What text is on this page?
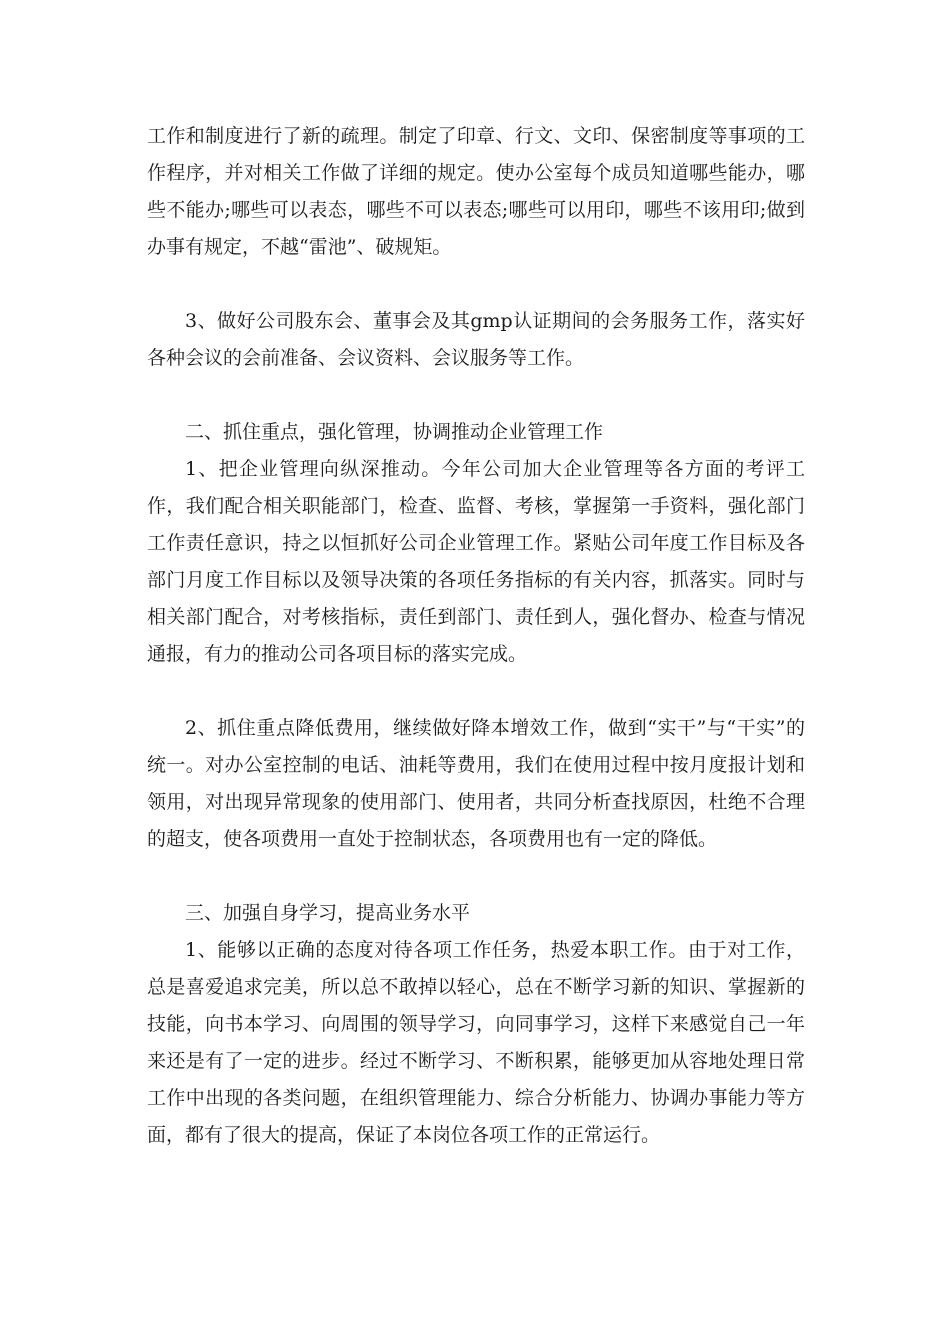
工作和制度进行了新的疏理。制定了印章、行文、文印、保密制度等事项的工作程序，并对相关工作做了详细的规定。使办公室每个成员知道哪些能办，哪些不能办;哪些可以表态，哪些不可以表态;哪些可以用印，哪些不该用印;做到办事有规定，不越“雷池”、破规矩。

3、做好公司股东会、董事会及其gmp认证期间的会务服务工作，落实好各种会议的会前准备、会议资料、会议服务等工作。

二、抓住重点，强化管理，协调推动企业管理工作

1、把企业管理向纵深推动。今年公司加大企业管理等各方面的考评工作，我们配合相关职能部门，检查、监督、考核，掌握第一手资料，强化部门工作责任意识，持之以恒抓好公司企业管理工作。紧贴公司年度工作目标及各部门月度工作目标以及领导决策的各项任务指标的有关内容，抓落实。同时与相关部门配合，对考核指标，责任到部门、责任到人，强化督办、检查与情况通报，有力的推动公司各项目标的落实完成。

2、抓住重点降低费用，继续做好降本增效工作，做到“实干”与“干实”的统一。对办公室控制的电话、油耗等费用，我们在使用过程中按月度报计划和领用，对出现异常现象的使用部门、使用者，共同分析查找原因，杜绝不合理的超支，使各项费用一直处于控制状态，各项费用也有一定的降低。

三、加强自身学习，提高业务水平

1、能够以正确的态度对待各项工作任务，热爱本职工作。由于对工作，总是喜爱追求完美，所以总不敢掉以轻心，总在不断学习新的知识、掌握新的技能，向书本学习、向周围的领导学习，向同事学习，这样下来感觉自己一年来还是有了一定的进步。经过不断学习、不断积累，能够更加从容地处理日常工作中出现的各类问题，在组织管理能力、综合分析能力、协调办事能力等方面，都有了很大的提高，保证了本岗位各项工作的正常运行。
